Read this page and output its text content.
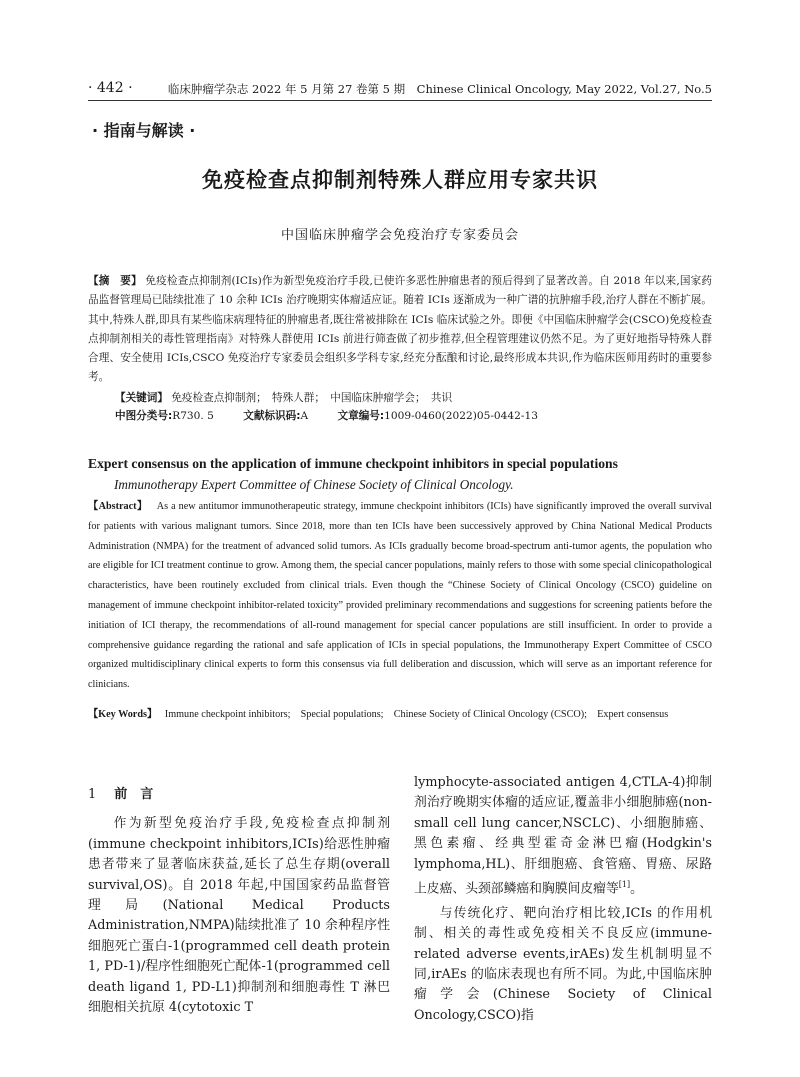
· 442 ·	临床肿瘤学杂志 2022 年 5 月第 27 卷第 5 期　Chinese Clinical Oncology, May 2022, Vol.27, No.5
· 指南与解读 ·
免疫检查点抑制剂特殊人群应用专家共识
中国临床肿瘤学会免疫治疗专家委员会
【摘　要】 免疫检查点抑制剂(ICIs)作为新型免疫治疗手段,已使许多恶性肿瘤患者的预后得到了显著改善。自 2018 年以来,国家药品监督管理局已陆续批准了 10 余种 ICIs 治疗晚期实体瘤适应证。随着 ICIs 逐渐成为一种广谱的抗肿瘤手段,治疗人群在不断扩展。其中,特殊人群,即具有某些临床病理特征的肿瘤患者,既往常被排除在 ICIs 临床试验之外。即便《中国临床肿瘤学会(CSCO)免疫检查点抑制剂相关的毒性管理指南》对特殊人群使用 ICIs 前进行筛查做了初步推荐,但全程管理建议仍然不足。为了更好地指导特殊人群合理、安全使用 ICIs,CSCO 免疫治疗专家委员会组织多学科专家,经充分酝酿和讨论,最终形成本共识,作为临床医师用药时的重要参考。
【关键词】 免疫检查点抑制剂；　特殊人群；　中国临床肿瘤学会；　共识
中图分类号:R730. 5	文献标识码:A	文章编号:1009-0460(2022)05-0442-13
Expert consensus on the application of immune checkpoint inhibitors in special populations
Immunotherapy Expert Committee of Chinese Society of Clinical Oncology.
【Abstract】 As a new antitumor immunotherapeutic strategy, immune checkpoint inhibitors (ICIs) have significantly improved the overall survival for patients with various malignant tumors. Since 2018, more than ten ICIs have been successively approved by China National Medical Products Administration (NMPA) for the treatment of advanced solid tumors. As ICIs gradually become broad-spectrum anti-tumor agents, the population who are eligible for ICI treatment continue to grow. Among them, the special cancer populations, mainly refers to those with some special clinicopathological characteristics, have been routinely excluded from clinical trials. Even though the “Chinese Society of Clinical Oncology (CSCO) guideline on management of immune checkpoint inhibitor-related toxicity” provided preliminary recommendations and suggestions for screening patients before the initiation of ICI therapy, the recommendations of all-round management for special cancer populations are still insufficient. In order to provide a comprehensive guidance regarding the rational and safe application of ICIs in special populations, the Immunotherapy Expert Committee of CSCO organized multidisciplinary clinical experts to form this consensus via full deliberation and discussion, which will serve as an important reference for clinicians.
【Key Words】 Immune checkpoint inhibitors;　Special populations;　Chinese Society of Clinical Oncology (CSCO);　Expert consensus
1 前　言

作为新型免疫治疗手段,免疫检查点抑制剂(immune checkpoint inhibitors,ICIs)给恶性肿瘤患者带来了显著临床获益,延长了总生存期(overall survival,OS)。自 2018 年起,中国国家药品监督管理局(National Medical Products Administration,NMPA)陆续批准了 10 余种程序性细胞死亡蛋白-1(programmed cell death protein 1, PD-1)/程序性细胞死亡配体-1(programmed cell death ligand 1, PD-L1)抑制剂和细胞毒性 T 淋巴细胞相关抗原 4(cytotoxic T

lymphocyte-associated antigen 4,CTLA-4)抑制剂治疗晚期实体瘤的适应证,覆盖非小细胞肺癌(non-small cell lung cancer,NSCLC)、小细胞肺癌、黑色素瘤、经典型霍奇金淋巴瘤(Hodgkin's lymphoma,HL)、肝细胞癌、食管癌、胃癌、尿路上皮癌、头颈部鳞癌和胸膜间皮瘤等[1]。

与传统化疗、靶向治疗相比较,ICIs 的作用机制、相关的毒性或免疫相关不良反应(immune-related adverse events,irAEs)发生机制明显不同,irAEs 的临床表现也有所不同。为此,中国临床肿瘤学会(Chinese Society of Clinical Oncology,CSCO)指
